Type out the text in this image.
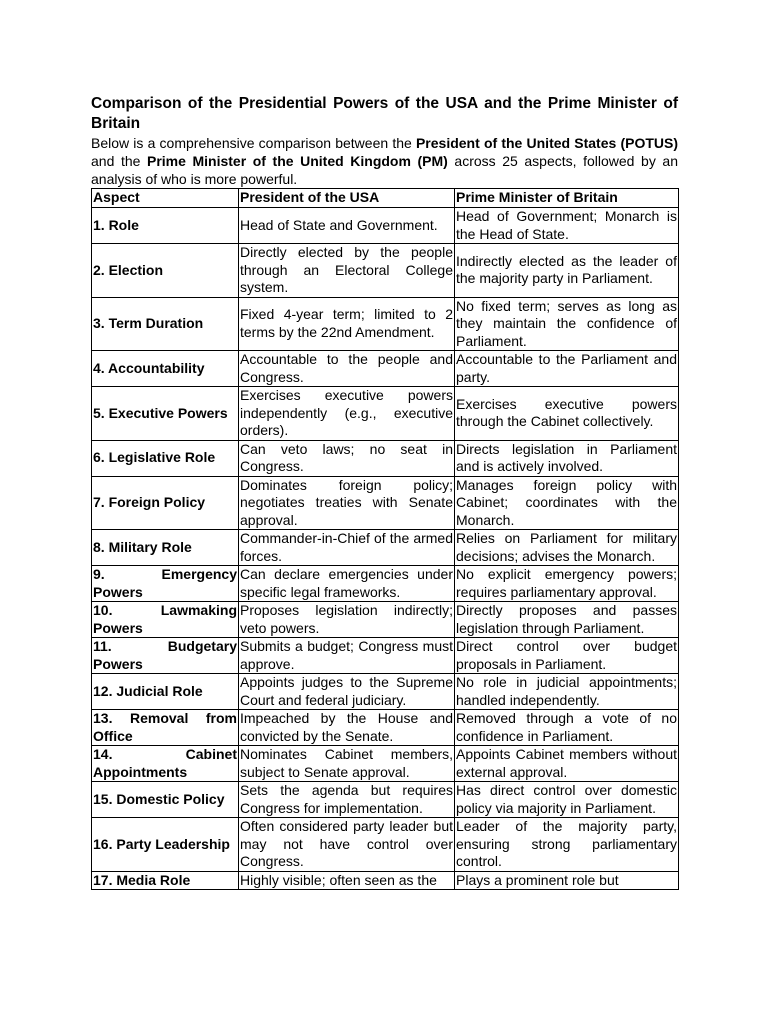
Comparison of the Presidential Powers of the USA and the Prime Minister of Britain

Below is a comprehensive comparison between the President of the United States (POTUS) and the Prime Minister of the United Kingdom (PM) across 25 aspects, followed by an analysis of who is more powerful.

Aspect	President of the USA	Prime Minister of Britain
1. Role	Head of State and Government.	Head of Government; Monarch is the Head of State.
2. Election	Directly elected by the people through an Electoral College system.	Indirectly elected as the leader of the majority party in Parliament.
3. Term Duration	Fixed 4-year term; limited to 2 terms by the 22nd Amendment.	No fixed term; serves as long as they maintain the confidence of Parliament.
4. Accountability	Accountable to the people and Congress.	Accountable to the Parliament and party.
5. Executive Powers	Exercises executive powers independently (e.g., executive orders).	Exercises executive powers through the Cabinet collectively.
6. Legislative Role	Can veto laws; no seat in Congress.	Directs legislation in Parliament and is actively involved.
7. Foreign Policy	Dominates foreign policy; negotiates treaties with Senate approval.	Manages foreign policy with Cabinet; coordinates with the Monarch.
8. Military Role	Commander-in-Chief of the armed forces.	Relies on Parliament for military decisions; advises the Monarch.
9. Emergency Powers	Can declare emergencies under specific legal frameworks.	No explicit emergency powers; requires parliamentary approval.
10. Lawmaking Powers	Proposes legislation indirectly; veto powers.	Directly proposes and passes legislation through Parliament.
11. Budgetary Powers	Submits a budget; Congress must approve.	Direct control over budget proposals in Parliament.
12. Judicial Role	Appoints judges to the Supreme Court and federal judiciary.	No role in judicial appointments; handled independently.
13. Removal from Office	Impeached by the House and convicted by the Senate.	Removed through a vote of no confidence in Parliament.
14. Cabinet Appointments	Nominates Cabinet members, subject to Senate approval.	Appoints Cabinet members without external approval.
15. Domestic Policy	Sets the agenda but requires Congress for implementation.	Has direct control over domestic policy via majority in Parliament.
16. Party Leadership	Often considered party leader but may not have control over Congress.	Leader of the majority party, ensuring strong parliamentary control.
17. Media Role	Highly visible; often seen as the	Plays a prominent role but
